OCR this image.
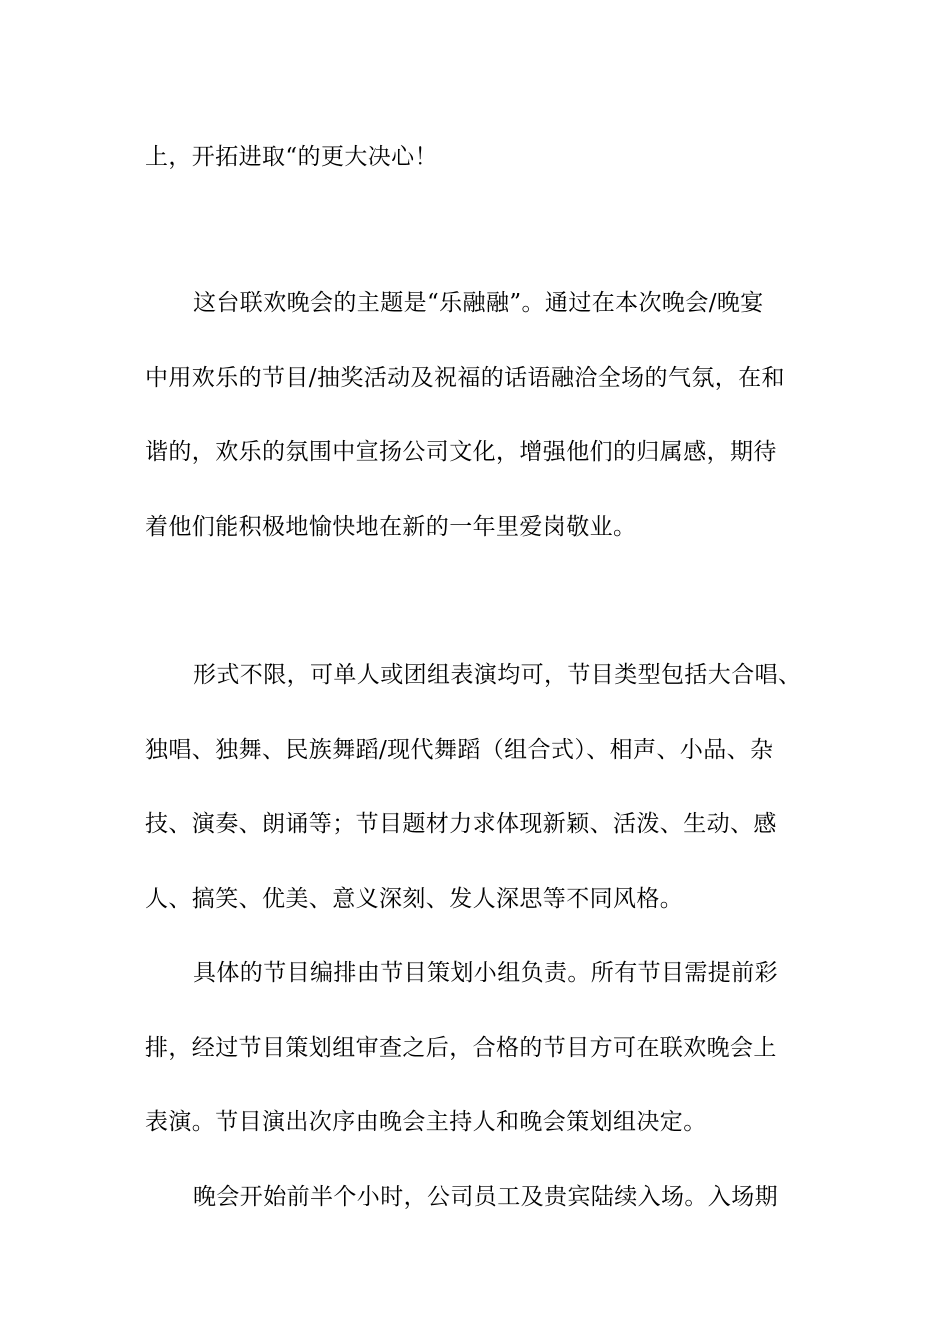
上，开拓进取“的更大决心！
这台联欢晚会的主题是“乐融融”。通过在本次晚会/晚宴
中用欢乐的节目/抽奖活动及祝福的话语融洽全场的气氛，在和
谐的，欢乐的氛围中宣扬公司文化，增强他们的归属感，期待
着他们能积极地愉快地在新的一年里爱岗敬业。
形式不限，可单人或团组表演均可，节目类型包括大合唱、
独唱、独舞、民族舞蹈/现代舞蹈（组合式）、相声、小品、杂
技、演奏、朗诵等；节目题材力求体现新颖、活泼、生动、感
人、搞笑、优美、意义深刻、发人深思等不同风格。
具体的节目编排由节目策划小组负责。所有节目需提前彩
排，经过节目策划组审查之后，合格的节目方可在联欢晚会上
表演。节目演出次序由晚会主持人和晚会策划组决定。
晚会开始前半个小时，公司员工及贵宾陆续入场。入场期
